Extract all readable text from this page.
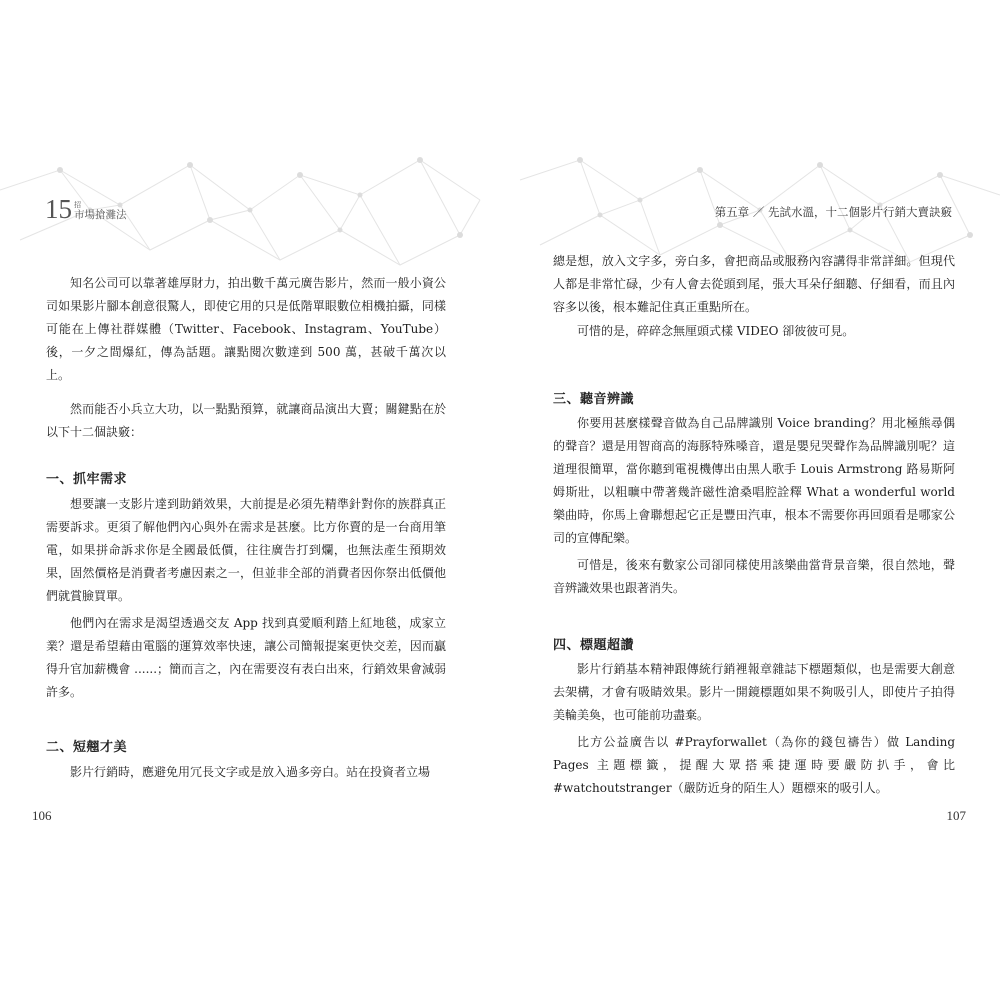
15 招
市場搶灘法

知名公司可以靠著雄厚財力，拍出數千萬元廣告影片，然而一般小資公司如果影片腳本創意很驚人，即使它用的只是低階單眼數位相機拍攝，同樣可能在上傳社群媒體（Twitter、Facebook、Instagram、YouTube）後，一夕之間爆紅，傳為話題。讓點閱次數達到 500 萬，甚破千萬次以上。

然而能否小兵立大功，以一點點預算，就讓商品演出大賣；關鍵點在於以下十二個訣竅：

一、抓牢需求

想要讓一支影片達到助銷效果，大前提是必須先精準針對你的族群真正需要訴求。更須了解他們內心與外在需求是甚麼。比方你賣的是一台商用筆電，如果拼命訴求你是全國最低價，往往廣告打到爛，也無法產生預期效果，固然價格是消費者考慮因素之一，但並非全部的消費者因你祭出低價他們就賞臉買單。

他們內在需求是渴望透過交友 App 找到真愛順利踏上紅地毯，成家立業？還是希望藉由電腦的運算效率快速，讓公司簡報提案更快交差，因而贏得升官加薪機會 ......；簡而言之，內在需要沒有表白出來，行銷效果會減弱許多。

二、短翹才美

影片行銷時，應避免用冗長文字或是放入過多旁白。站在投資者立場

106
第五章 ／ 先試水溫，十二個影片行銷大賣訣竅

總是想，放入文字多，旁白多，會把商品或服務內容講得非常詳細。但現代人都是非常忙碌，少有人會去從頭到尾，張大耳朵仔細聽、仔細看，而且內容多以後，根本難記住真正重點所在。

可惜的是，碎碎念無厘頭式樣 VIDEO 卻彼彼可見。

三、聽音辨識

你要用甚麼樣聲音做為自己品牌識別 Voice branding？用北極熊尋偶的聲音？還是用智商高的海豚特殊嗓音，還是嬰兒哭聲作為品牌識別呢？這道理很簡單，當你聽到電視機傳出由黑人歌手 Louis Armstrong 路易斯阿姆斯壯，以粗曠中帶著幾許磁性滄桑唱腔詮釋 What a wonderful world 樂曲時，你馬上會聯想起它正是豐田汽車，根本不需要你再回頭看是哪家公司的宣傳配樂。

可惜是，後來有數家公司卻同樣使用該樂曲當背景音樂，很自然地，聲音辨識效果也跟著消失。

四、標題超讚

影片行銷基本精神跟傳統行銷裡報章雜誌下標題類似，也是需要大創意去架構，才會有吸睛效果。影片一開鏡標題如果不夠吸引人，即使片子拍得美輪美奐，也可能前功盡棄。

比方公益廣告以 #Prayforwallet（為你的錢包禱告）做 Landing Pages 主題標籤，提醒大眾搭乘捷運時要嚴防扒手，會比 #watchoutstranger（嚴防近身的陌生人）題標來的吸引人。

107
